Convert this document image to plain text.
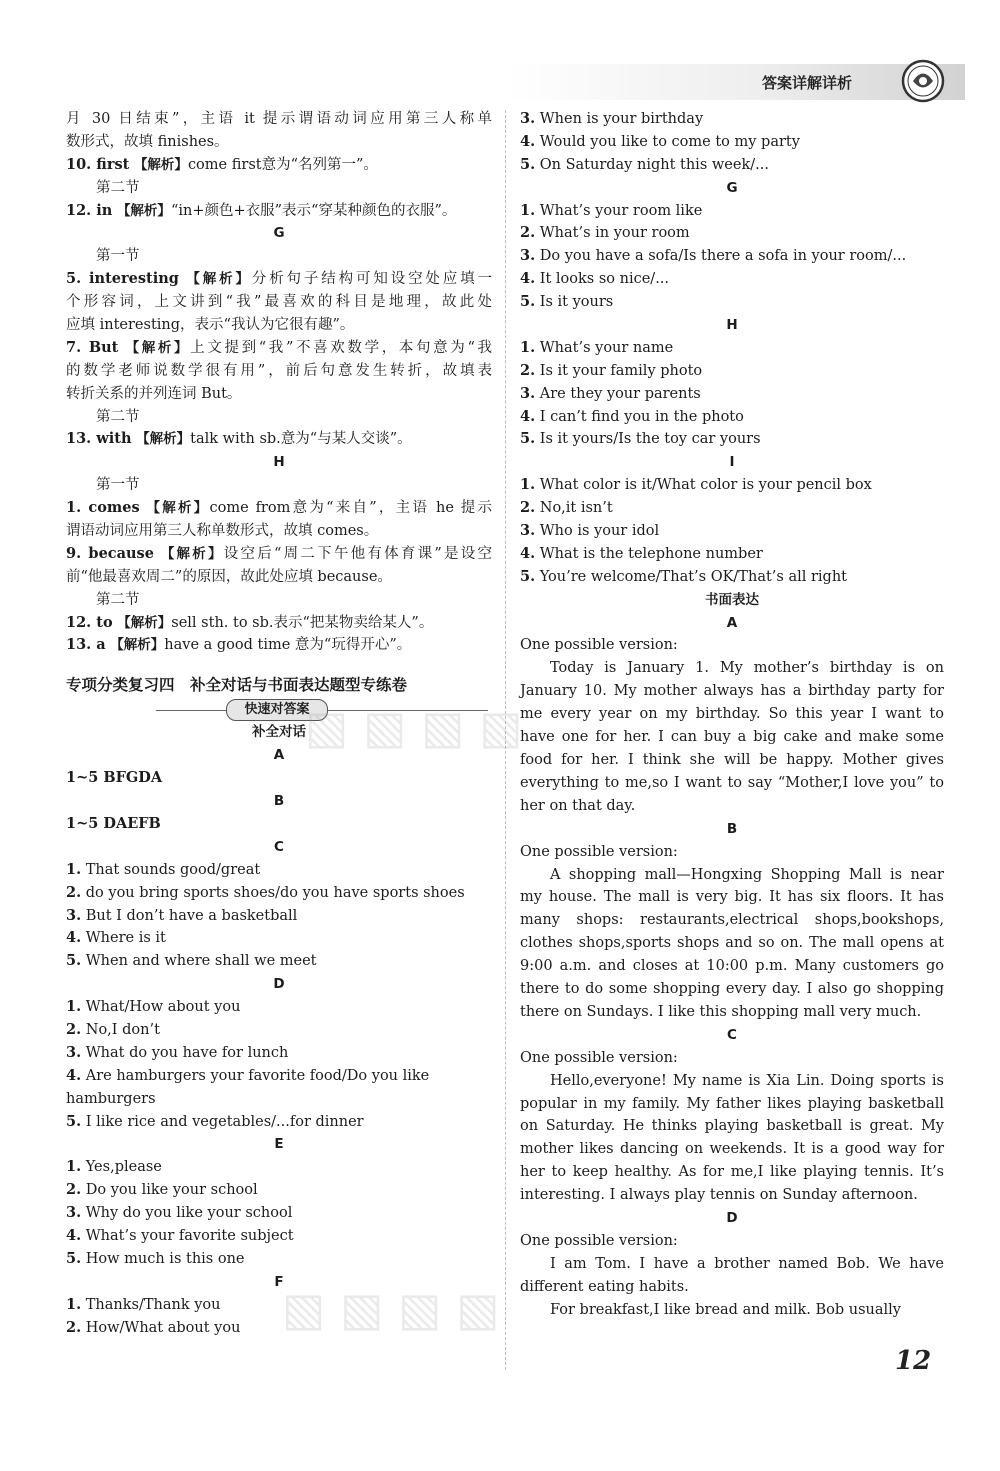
答案详解详析
月 30 日结束”，主语 it 提示谓语动词应用第三人称单
数形式，故填 finishes。
10. first 【解析】come first意为“名列第一”。
第二节
12. in 【解析】“in+颜色+衣服”表示“穿某种颜色的衣服”。
G
第一节
5. interesting 【解析】分析句子结构可知设空处应填一
个形容词，上文讲到“我”最喜欢的科目是地理，故此处
应填 interesting，表示“我认为它很有趣”。
7. But 【解析】上文提到“我”不喜欢数学，本句意为“我
的数学老师说数学很有用”，前后句意发生转折，故填表
转折关系的并列连词 But。
第二节
13. with 【解析】talk with sb.意为“与某人交谈”。
H
第一节
1. comes 【解析】come from意为“来自”，主语 he 提示
谓语动词应用第三人称单数形式，故填 comes。
9. because 【解析】设空后“周二下午他有体育课”是设空
前“他最喜欢周二”的原因，故此处应填 because。
第二节
12. to 【解析】sell sth. to sb.表示“把某物卖给某人”。
13. a 【解析】have a good time 意为“玩得开心”。
专项分类复习四　补全对话与书面表达题型专练卷
快速对答案
补全对话
A
1~5 BFGDA
B
1~5 DAEFB
C
1. That sounds good/great
2. do you bring sports shoes/do you have sports shoes
3. But I don’t have a basketball
4. Where is it
5. When and where shall we meet
D
1. What/How about you
2. No,I don’t
3. What do you have for lunch
4. Are hamburgers your favorite food/Do you like
hamburgers
5. I like rice and vegetables/...for dinner
E
1. Yes,please
2. Do you like your school
3. Why do you like your school
4. What’s your favorite subject
5. How much is this one
F
1. Thanks/Thank you
2. How/What about you
3. When is your birthday
4. Would you like to come to my party
5. On Saturday night this week/...
G
1. What’s your room like
2. What’s in your room
3. Do you have a sofa/Is there a sofa in your room/...
4. It looks so nice/...
5. Is it yours
H
1. What’s your name
2. Is it your family photo
3. Are they your parents
4. I can’t find you in the photo
5. Is it yours/Is the toy car yours
I
1. What color is it/What color is your pencil box
2. No,it isn’t
3. Who is your idol
4. What is the telephone number
5. You’re welcome/That’s OK/That’s all right
书面表达
A
One possible version:

Today is January 1. My mother’s birthday is on January 10. My mother always has a birthday party for me every year on my birthday. So this year I want to have one for her. I can buy a big cake and make some food for her. I think she will be happy. Mother gives everything to me,so I want to say “Mother,I love you” to her on that day.

B
One possible version:

A shopping mall—Hongxing Shopping Mall is near my house. The mall is very big. It has six floors. It has many shops: restaurants,electrical shops,bookshops, clothes shops,sports shops and so on. The mall opens at 9:00 a.m. and closes at 10:00 p.m. Many customers go there to do some shopping every day. I also go shopping there on Sundays. I like this shopping mall very much.

C
One possible version:

Hello,everyone! My name is Xia Lin. Doing sports is popular in my family. My father likes playing basketball on Saturday. He thinks playing basketball is great. My mother likes dancing on weekends. It is a good way for her to keep healthy. As for me,I like playing tennis. It’s interesting. I always play tennis on Sunday afternoon.

D
One possible version:

I am Tom. I have a brother named Bob. We have different eating habits.

For breakfast,I like bread and milk. Bob usually

▧ ▧ ▧ ▧
▧ ▧ ▧ ▧
12
